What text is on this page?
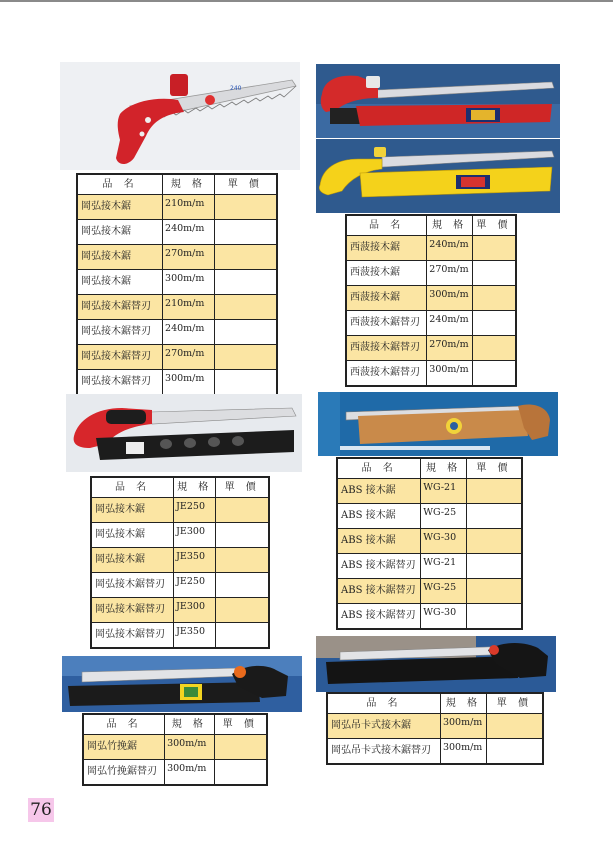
240
品 名	規 格	單 價
岡弘接木鋸	210m/m	
岡弘接木鋸	240m/m	
岡弘接木鋸	270m/m	
岡弘接木鋸	300m/m	
岡弘接木鋸替刃	210m/m	
岡弘接木鋸替刃	240m/m	
岡弘接木鋸替刃	270m/m	
岡弘接木鋸替刃	300m/m	
品 名	規 格	單 價
西菠接木鋸	240m/m	
西菠接木鋸	270m/m	
西菠接木鋸	300m/m	
西菠接木鋸替刃	240m/m	
西菠接木鋸替刃	270m/m	
西菠接木鋸替刃	300m/m	
品 名	規 格	單 價
岡弘接木鋸	JE250	
岡弘接木鋸	JE300	
岡弘接木鋸	JE350	
岡弘接木鋸替刃	JE250	
岡弘接木鋸替刃	JE300	
岡弘接木鋸替刃	JE350	
品 名	規 格	單 價
ABS 接木鋸	WG-21	
ABS 接木鋸	WG-25	
ABS 接木鋸	WG-30	
ABS 接木鋸替刃	WG-21	
ABS 接木鋸替刃	WG-25	
ABS 接木鋸替刃	WG-30	
品 名	規 格	單 價
岡弘竹挽鋸	300m/m	
岡弘竹挽鋸替刃	300m/m	
品 名	規 格	單 價
岡弘吊卡式接木鋸	300m/m	
岡弘吊卡式接木鋸替刃	300m/m	
76
